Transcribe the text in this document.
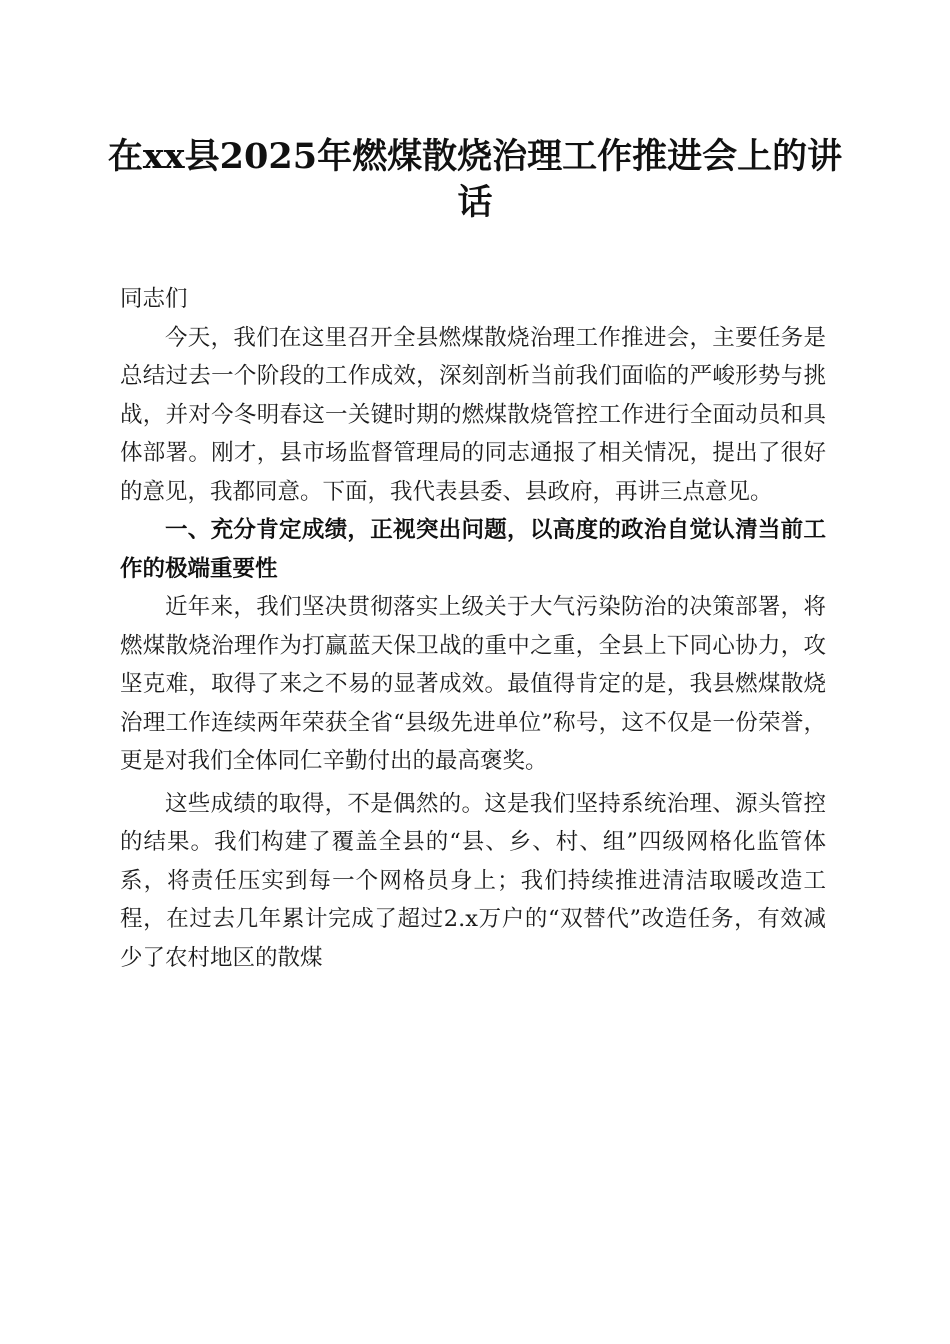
在xx县2025年燃煤散烧治理工作推进会上的讲话

同志们

今天，我们在这里召开全县燃煤散烧治理工作推进会，主要任务是总结过去一个阶段的工作成效，深刻剖析当前我们面临的严峻形势与挑战，并对今冬明春这一关键时期的燃煤散烧管控工作进行全面动员和具体部署。刚才，县市场监督管理局的同志通报了相关情况，提出了很好的意见，我都同意。下面，我代表县委、县政府，再讲三点意见。

一、充分肯定成绩，正视突出问题，以高度的政治自觉认清当前工作的极端重要性

近年来，我们坚决贯彻落实上级关于大气污染防治的决策部署，将燃煤散烧治理作为打赢蓝天保卫战的重中之重，全县上下同心协力，攻坚克难，取得了来之不易的显著成效。最值得肯定的是，我县燃煤散烧治理工作连续两年荣获全省“县级先进单位”称号，这不仅是一份荣誉，更是对我们全体同仁辛勤付出的最高褒奖。

这些成绩的取得，不是偶然的。这是我们坚持系统治理、源头管控的结果。我们构建了覆盖全县的“县、乡、村、组”四级网格化监管体系，将责任压实到每一个网格员身上；我们持续推进清洁取暖改造工程，在过去几年累计完成了超过2.x万户的“双替代”改造任务，有效减少了农村地区的散煤
